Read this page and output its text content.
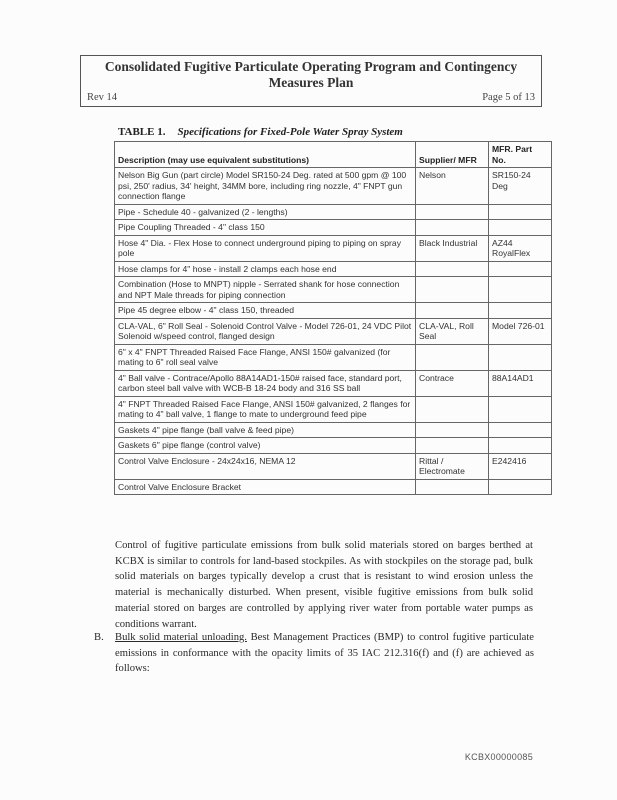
Consolidated Fugitive Particulate Operating Program and Contingency Measures Plan
Rev 14	Page 5 of 13
TABLE 1. Specifications for Fixed-Pole Water Spray System
Description (may use equivalent substitutions)	Supplier/ MFR	MFR. Part No.
Nelson Big Gun (part circle) Model SR150-24 Deg. rated at 500 gpm @ 100 psi, 250' radius, 34' height, 34MM bore, including ring nozzle, 4" FNPT gun connection flange	Nelson	SR150-24 Deg
Pipe - Schedule 40 - galvanized (2 - lengths)		
Pipe Coupling Threaded - 4" class 150		
Hose 4" Dia. - Flex Hose to connect underground piping to piping on spray pole	Black Industrial	AZ44 RoyalFlex
Hose clamps for 4" hose - install 2 clamps each hose end		
Combination (Hose to MNPT) nipple - Serrated shank for hose connection and NPT Male threads for piping connection		
Pipe 45 degree elbow - 4" class 150, threaded		
CLA-VAL, 6" Roll Seal - Solenoid Control Valve - Model 726-01, 24 VDC Pilot Solenoid w/speed control, flanged design	CLA-VAL, Roll Seal	Model 726-01
6" x 4" FNPT Threaded Raised Face Flange, ANSI 150# galvanized (for mating to 6" roll seal valve		
4" Ball valve - Contrace/Apollo 88A14AD1-150# raised face, standard port, carbon steel ball valve with WCB-B 18-24 body and 316 SS ball	Contrace	88A14AD1
4" FNPT Threaded Raised Face Flange, ANSI 150# galvanized, 2 flanges for mating to 4" ball valve, 1 flange to mate to underground feed pipe		
Gaskets 4" pipe flange (ball valve & feed pipe)		
Gaskets 6" pipe flange (control valve)		
Control Valve Enclosure - 24x24x16, NEMA 12	Rittal / Electromate	E242416
Control Valve Enclosure Bracket		
Control of fugitive particulate emissions from bulk solid materials stored on barges berthed at KCBX is similar to controls for land-based stockpiles. As with stockpiles on the storage pad, bulk solid materials on barges typically develop a crust that is resistant to wind erosion unless the material is mechanically disturbed. When present, visible fugitive emissions from bulk solid material stored on barges are controlled by applying river water from portable water pumps as conditions warrant.
B. Bulk solid material unloading. Best Management Practices (BMP) to control fugitive particulate emissions in conformance with the opacity limits of 35 IAC 212.316(f) and (f) are achieved as follows:
KCBX00000085
